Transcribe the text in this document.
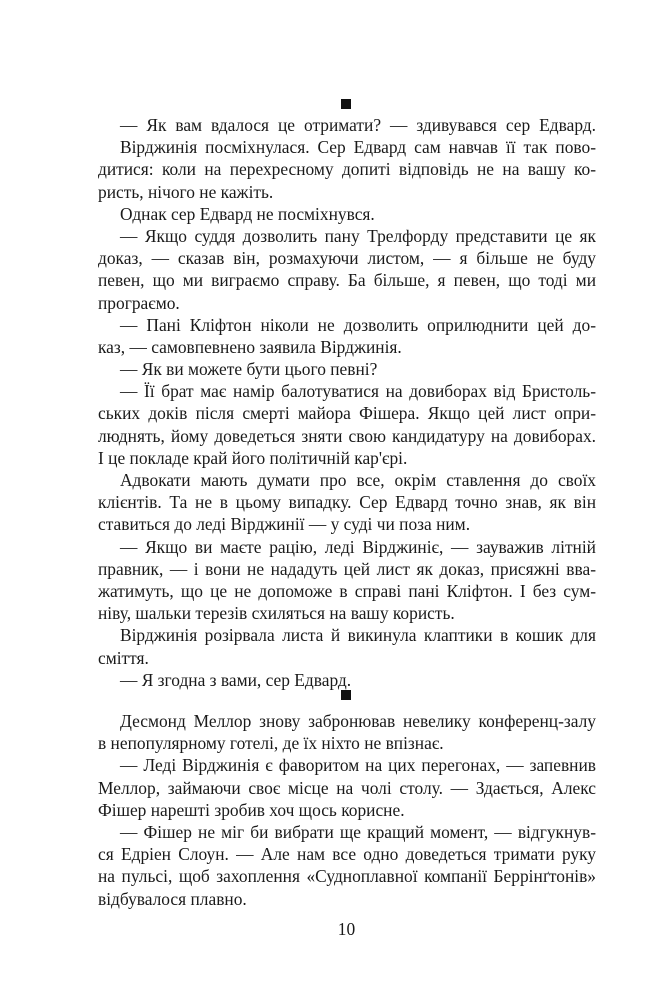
— Як вам вдалося це отримати? — здивувався сер Едвард.
Вірджинія посміхнулася. Сер Едвард сам навчав її так пово-
дитися: коли на перехресному допиті відповідь не на вашу ко-
ристь, нічого не кажіть.
Однак сер Едвард не посміхнувся.
— Якщо суддя дозволить пану Трелфорду представити це як
доказ, — сказав він, розмахуючи листом, — я більше не буду
певен, що ми виграємо справу. Ба більше, я певен, що тоді ми
програємо.
— Пані Кліфтон ніколи не дозволить оприлюднити цей до-
каз, — самовпевнено заявила Вірджинія.
— Як ви можете бути цього певні?
— Її брат має намір балотуватися на довиборах від Бристоль-
ських доків після смерті майора Фішера. Якщо цей лист опри-
люднять, йому доведеться зняти свою кандидатуру на довиборах.
І це покладе край його політичній кар'єрі.
Адвокати мають думати про все, окрім ставлення до своїх
клієнтів. Та не в цьому випадку. Сер Едвард точно знав, як він
ставиться до леді Вірджинії — у суді чи поза ним.
— Якщо ви маєте рацію, леді Вірджиніє, — зауважив літній
правник, — і вони не нададуть цей лист як доказ, присяжні вва-
жатимуть, що це не допоможе в справі пані Кліфтон. І без сум-
ніву, шальки терезів схиляться на вашу користь.
Вірджинія розірвала листа й викинула клаптики в кошик для
сміття.
— Я згодна з вами, сер Едвард.
Десмонд Меллор знову забронював невелику конференц-залу
в непопулярному готелі, де їх ніхто не впізнає.
— Леді Вірджинія є фаворитом на цих перегонах, — запевнив
Меллор, займаючи своє місце на чолі столу. — Здається, Алекс
Фішер нарешті зробив хоч щось корисне.
— Фішер не міг би вибрати ще кращий момент, — відгукнув-
ся Едріен Слоун. — Але нам все одно доведеться тримати руку
на пульсі, щоб захоплення «Судноплавної компанії Беррінґтонів»
відбувалося плавно.
10
